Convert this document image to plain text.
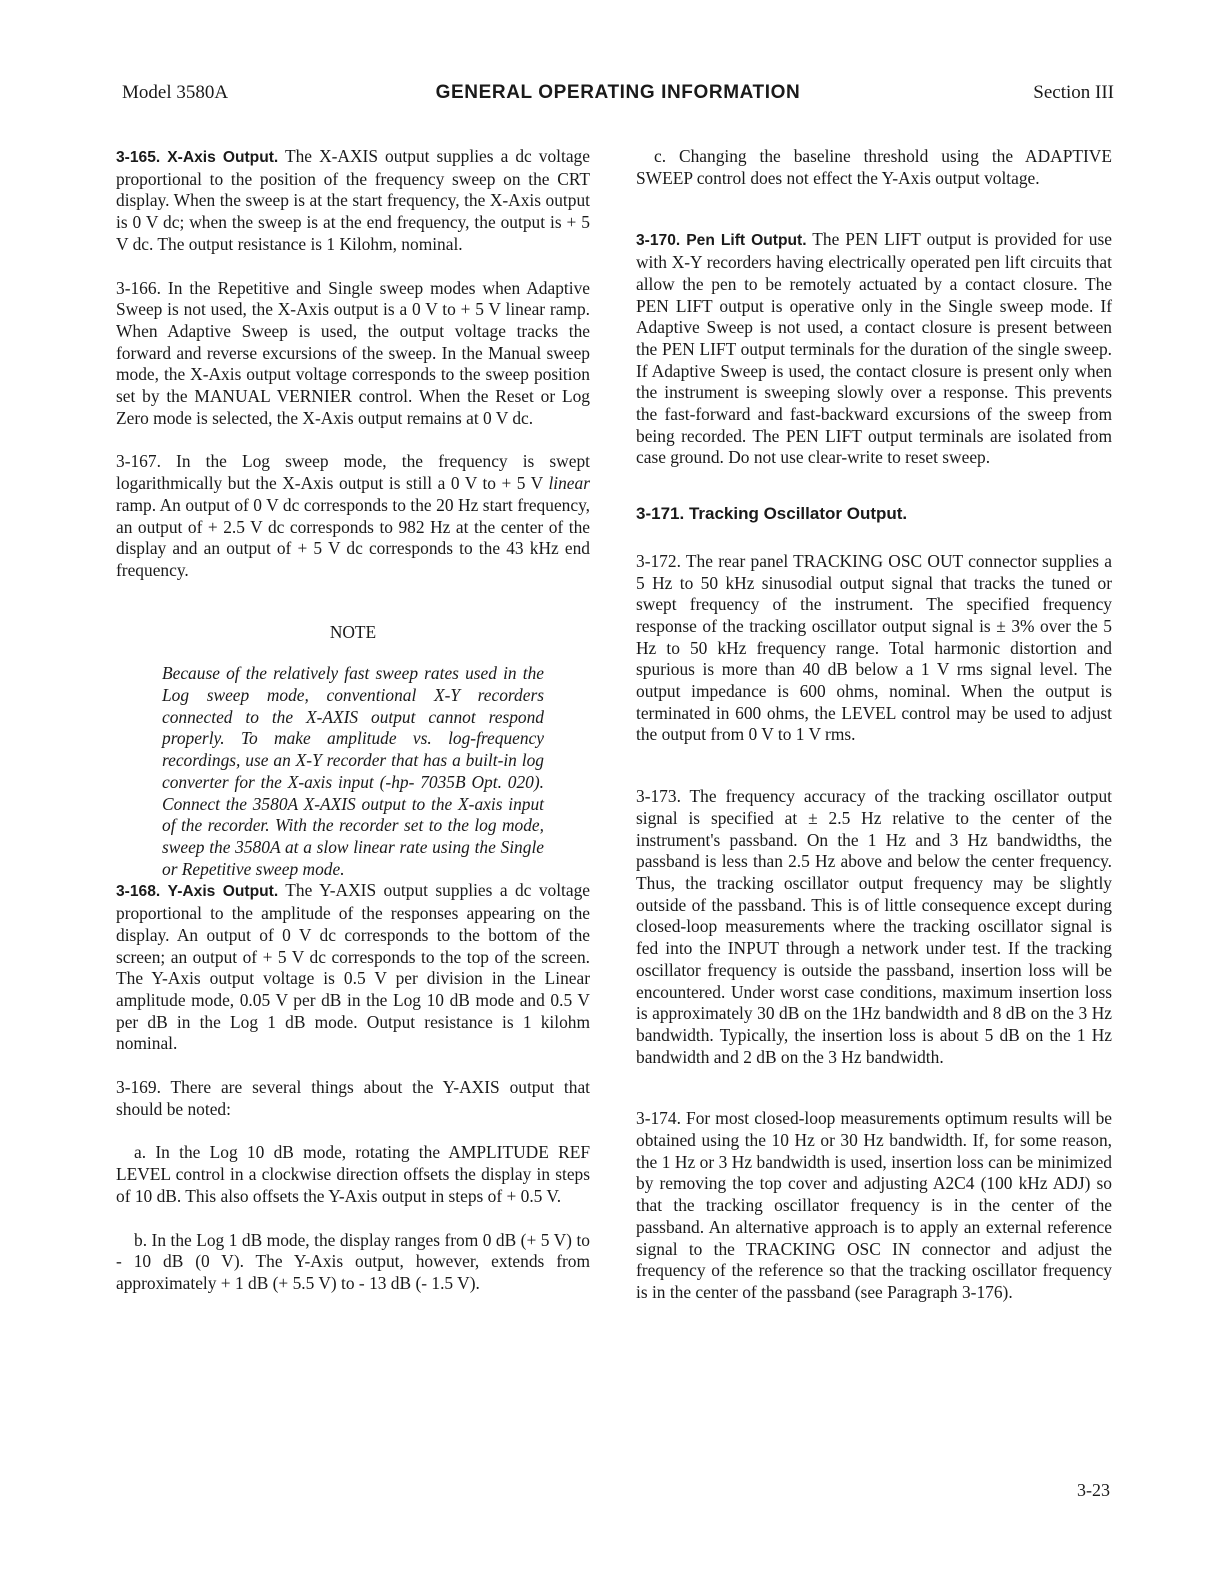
Model 3580A	GENERAL OPERATING INFORMATION	Section III

3-165. X-Axis Output. The X-AXIS output supplies a dc voltage proportional to the position of the frequency sweep on the CRT display. When the sweep is at the start frequency, the X-Axis output is 0 V dc; when the sweep is at the end frequency, the output is + 5 V dc. The output resistance is 1 Kilohm, nominal.

3-166. In the Repetitive and Single sweep modes when Adaptive Sweep is not used, the X-Axis output is a 0 V to + 5 V linear ramp. When Adaptive Sweep is used, the output voltage tracks the forward and reverse excursions of the sweep. In the Manual sweep mode, the X-Axis output voltage corresponds to the sweep position set by the MANUAL VERNIER control. When the Reset or Log Zero mode is selected, the X-Axis output remains at 0 V dc.

3-167. In the Log sweep mode, the frequency is swept logarithmically but the X-Axis output is still a 0 V to + 5 V linear ramp. An output of 0 V dc corresponds to the 20 Hz start frequency, an output of + 2.5 V dc corresponds to 982 Hz at the center of the display and an output of + 5 V dc corresponds to the 43 kHz end frequency.

NOTE

Because of the relatively fast sweep rates used in the Log sweep mode, conventional X-Y recorders connected to the X-AXIS output cannot respond properly. To make amplitude vs. log-frequency recordings, use an X-Y recorder that has a built-in log converter for the X-axis input (-hp- 7035B Opt. 020). Connect the 3580A X-AXIS output to the X-axis input of the recorder. With the recorder set to the log mode, sweep the 3580A at a slow linear rate using the Single or Repetitive sweep mode.

3-168. Y-Axis Output. The Y-AXIS output supplies a dc voltage proportional to the amplitude of the responses appearing on the display. An output of 0 V dc corresponds to the bottom of the screen; an output of + 5 V dc corresponds to the top of the screen. The Y-Axis output voltage is 0.5 V per division in the Linear amplitude mode, 0.05 V per dB in the Log 10 dB mode and 0.5 V per dB in the Log 1 dB mode. Output resistance is 1 kilohm nominal.

3-169. There are several things about the Y-AXIS output that should be noted:

a. In the Log 10 dB mode, rotating the AMPLITUDE REF LEVEL control in a clockwise direction offsets the display in steps of 10 dB. This also offsets the Y-Axis output in steps of + 0.5 V.

b. In the Log 1 dB mode, the display ranges from 0 dB (+ 5 V) to - 10 dB (0 V). The Y-Axis output, however, extends from approximately + 1 dB (+ 5.5 V) to - 13 dB (- 1.5 V).

c. Changing the baseline threshold using the ADAPTIVE SWEEP control does not effect the Y-Axis output voltage.

3-170. Pen Lift Output. The PEN LIFT output is provided for use with X-Y recorders having electrically operated pen lift circuits that allow the pen to be remotely actuated by a contact closure. The PEN LIFT output is operative only in the Single sweep mode. If Adaptive Sweep is not used, a contact closure is present between the PEN LIFT output terminals for the duration of the single sweep. If Adaptive Sweep is used, the contact closure is present only when the instrument is sweeping slowly over a response. This prevents the fast-forward and fast-backward excursions of the sweep from being recorded. The PEN LIFT output terminals are isolated from case ground. Do not use clear-write to reset sweep.

3-171. Tracking Oscillator Output.

3-172. The rear panel TRACKING OSC OUT connector supplies a 5 Hz to 50 kHz sinusodial output signal that tracks the tuned or swept frequency of the instrument. The specified frequency response of the tracking oscillator output signal is ± 3% over the 5 Hz to 50 kHz frequency range. Total harmonic distortion and spurious is more than 40 dB below a 1 V rms signal level. The output impedance is 600 ohms, nominal. When the output is terminated in 600 ohms, the LEVEL control may be used to adjust the output from 0 V to 1 V rms.

3-173. The frequency accuracy of the tracking oscillator output signal is specified at ± 2.5 Hz relative to the center of the instrument's passband. On the 1 Hz and 3 Hz bandwidths, the passband is less than 2.5 Hz above and below the center frequency. Thus, the tracking oscillator output frequency may be slightly outside of the passband. This is of little consequence except during closed-loop measurements where the tracking oscillator signal is fed into the INPUT through a network under test. If the tracking oscillator frequency is outside the passband, insertion loss will be encountered. Under worst case conditions, maximum insertion loss is approximately 30 dB on the 1Hz bandwidth and 8 dB on the 3 Hz bandwidth. Typically, the insertion loss is about 5 dB on the 1 Hz bandwidth and 2 dB on the 3 Hz bandwidth.

3-174. For most closed-loop measurements optimum results will be obtained using the 10 Hz or 30 Hz bandwidth. If, for some reason, the 1 Hz or 3 Hz bandwidth is used, insertion loss can be minimized by removing the top cover and adjusting A2C4 (100 kHz ADJ) so that the tracking oscillator frequency is in the center of the passband. An alternative approach is to apply an external reference signal to the TRACKING OSC IN connector and adjust the frequency of the reference so that the tracking oscillator frequency is in the center of the passband (see Paragraph 3-176).

3-23
